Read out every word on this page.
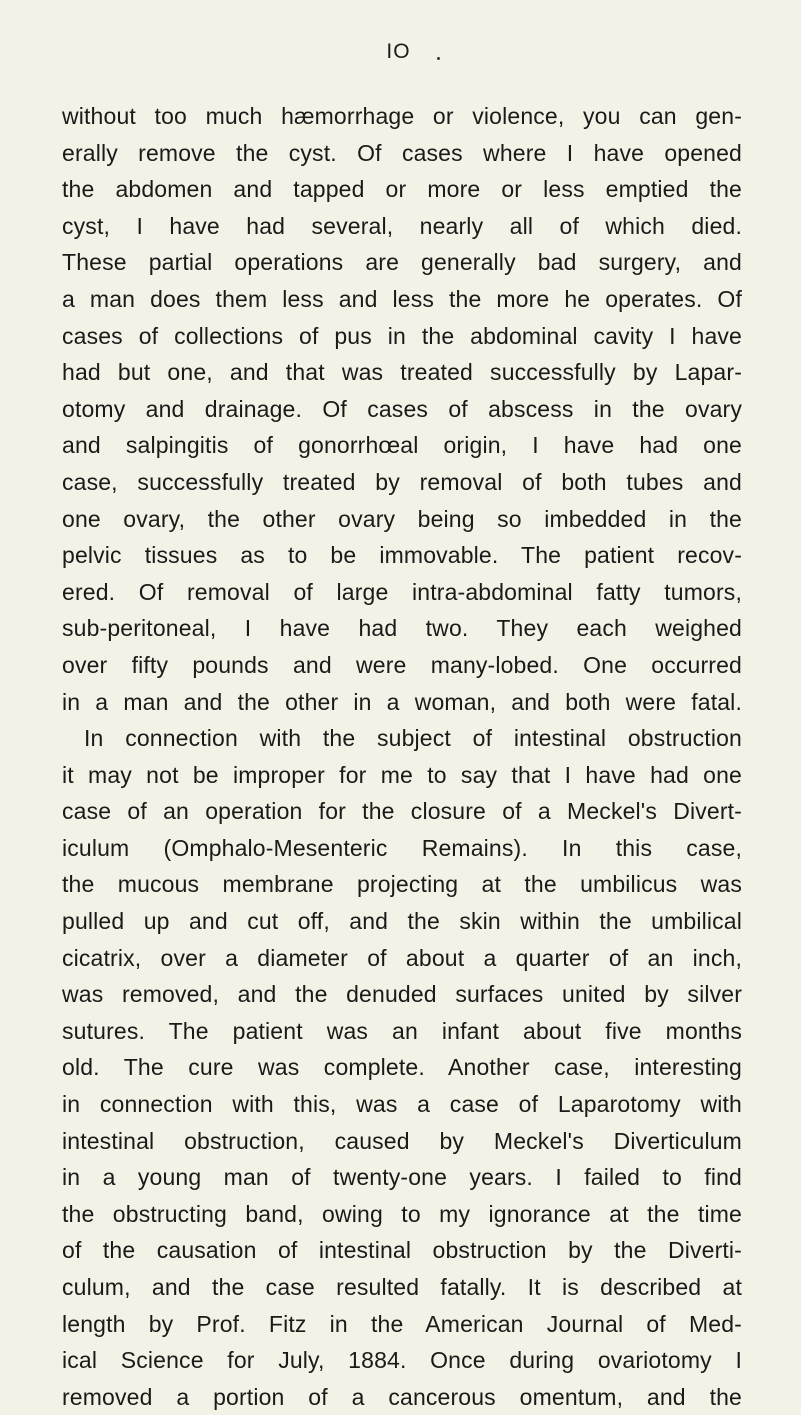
IO
without too much hæmorrhage or violence, you can gen-
erally remove the cyst. Of cases where I have opened
the abdomen and tapped or more or less emptied the
cyst, I have had several, nearly all of which died.
These partial operations are generally bad surgery, and
a man does them less and less the more he operates. Of
cases of collections of pus in the abdominal cavity I have
had but one, and that was treated successfully by Lapar-
otomy and drainage. Of cases of abscess in the ovary
and salpingitis of gonorrhœal origin, I have had one
case, successfully treated by removal of both tubes and
one ovary, the other ovary being so imbedded in the
pelvic tissues as to be immovable. The patient recov-
ered. Of removal of large intra-abdominal fatty tumors,
sub-peritoneal, I have had two. They each weighed
over fifty pounds and were many-lobed. One occurred
in a man and the other in a woman, and both were fatal.
In connection with the subject of intestinal obstruction
it may not be improper for me to say that I have had one
case of an operation for the closure of a Meckel's Divert-
iculum (Omphalo-Mesenteric Remains). In this case,
the mucous membrane projecting at the umbilicus was
pulled up and cut off, and the skin within the umbilical
cicatrix, over a diameter of about a quarter of an inch,
was removed, and the denuded surfaces united by silver
sutures. The patient was an infant about five months
old. The cure was complete. Another case, interesting
in connection with this, was a case of Laparotomy with
intestinal obstruction, caused by Meckel's Diverticulum
in a young man of twenty-one years. I failed to find
the obstructing band, owing to my ignorance at the time
of the causation of intestinal obstruction by the Diverti-
culum, and the case resulted fatally. It is described at
length by Prof. Fitz in the American Journal of Med-
ical Science for July, 1884. Once during ovariotomy I
removed a portion of a cancerous omentum, and the
